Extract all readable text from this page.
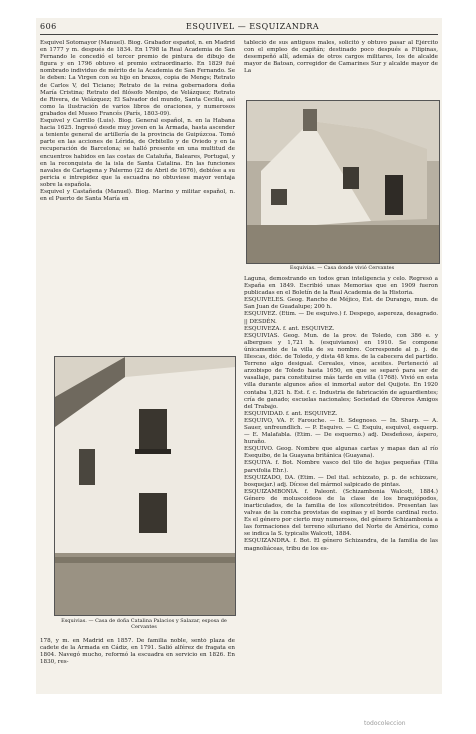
606	ESQUIVEL — ESQUIZANDRA

Esquivel Sotomayor (Manuel). Biog. Grabador español, n. en Madrid en 1777 y m. después de 1834. En 1798 la Real Academia de San Fernando le concedió el tercer premio de pintura de dibujo de figura y en 1796 obtuvo el premio extraordinario. En 1829 fué nombrado individuo de mérito de la Academia de San Fernando. Se le deben: La Virgen con su hijo en brazos, copia de Mengs; Retrato de Carlos V, del Ticiano; Retrato de la reina gobernadora doña María Cristina; Retrato del filósofo Menipo, de Velázquez; Retrato de Rivera, de Velázquez; El Salvador del mundo, Santa Cecilia, así como la ilustración de varios libros de oraciones, y numerosos grabados del Museo Francés (París, 1803-09).

Esquivel y Carrillo (Luis). Biog. General español, n. en la Habana hacia 1625. Ingresó desde muy joven en la Armada, hasta ascender a teniente general de artillería de la provincia de Guipúzcoa. Tomó parte en las acciones de Lérida, de Orbitello y de Oviedo y en la recuperación de Barcelona; se halló presente en una multitud de encuentros habidos en las costas de Cataluña, Baleares, Portugal, y en la reconquista de la isla de Santa Catalina. En las funciones navales de Cartagena y Palermo (22 de Abril de 1676), debióse a su pericia e intrepidez que la escuadra no obtuviese mayor ventaja sobre la española.

Esquivel y Castañeda (Manuel). Biog. Marino y militar español, n. en el Puerto de Santa María en

tableció de sus antiguos males, solicitó y obtuvo pasar al Ejército con el empleo de capitán; destinado poco después a Filipinas, desempeñó allí, además de otros cargos militares, los de alcalde mayor de Batoan, corregidor de Camarines Sur y alcalde mayor de La

Esquivias. — Casa donde vivió Cervantes

Laguna, demostrando en todos gran inteligencia y celo. Regresó a España en 1849. Escribió unas Memorias que en 1909 fueron publicadas en el Boletín de la Real Academia de la Historia.

ESQUIVELES. Geog. Rancho de Méjico, Est. de Durango, mun. de San Juan de Guadalupe; 200 h.

ESQUIVEZ. (Etim. — De esquivo.) f. Despego, aspereza, desagrado. || DESDÉN.

ESQUIVEZA. f. ant. ESQUIVEZ.

ESQUIVIAS. Geog. Mun. de la prov. de Toledo, con 386 e. y albergues y 1,721 h. (esquivianos) en 1910. Se compone únicamente de la villa de su nombre. Corresponde al p. j. de Illescas, dióc. de Toledo, y dista 48 kms. de la cabecera del partido. Terreno algo desigual. Cereales, vinos, aceites. Perteneció al arzobispo de Toledo hasta 1650, en que se separó para ser de vasallaje, para constituirse más tarde en villa (1768). Vivió en esta villa durante algunos años el inmortal autor del Quijote. En 1920 contaba 1,821 h. Est. f. c. Industria de fabricación de aguardientes; cría de ganado; escuelas nacionales; Sociedad de Obreros Amigos del Trabajo.

ESQUIVIDAD. f. ant. ESQUIVEZ.

ESQUIVO, VA. F. Farouche. — It. Sdegnoso. — In. Sharp. — A. Sauer, unfreundlich. — P. Esquivo. — C. Esquiu, esquivol, esquerp. — E. Malafabla. (Etim. — De esquerno.) adj. Desdeñoso, áspero, huraño.

ESQUIVO. Geog. Nombre que algunas cartas y mapas dan al río Esequibo, de la Guayana británica (Guayana).

ESQUIYA. f. Bot. Nombre vasco del tilo de hojas pequeñas (Tilia parvifolia Ehr.).

ESQUIZADO, DA. (Etim. — Del ital. schizzato, p. p. de schizzare, bosquejar.) adj. Dícese del mármol salpicado de pintas.

ESQUIZAMBONIA. f. Paleont. (Schizambonia Walcott, 1884.) Género de moluscoideos de la clase de los braquiópodos, inarticulados, de la familia de los siloncotrétidos. Presentan las valvas de la concha provistas de espinas y el borde cardinal recto. Es el género por cierto muy numerosos, del género Schizambonia a las formaciones del terreno siluriano del Norte de América, como se indica la S. typicalis Walcott, 1884.

ESQUIZANDRA. f. Bot. El género Schizandra, de la familia de las magnoliáceas, tribu de los es-

Esquivias. — Casa de doña Catalina Palacios y Salazar, esposa de Cervantes

178, y m. en Madrid en 1857. De familia noble, sentó plaza de cadete de la Armada en Cádiz, en 1791. Salió alférez de fragata en 1804. Navegó mucho, reformó la escuadra en servicio en 1826. En 1830, res-

todocoleccion
